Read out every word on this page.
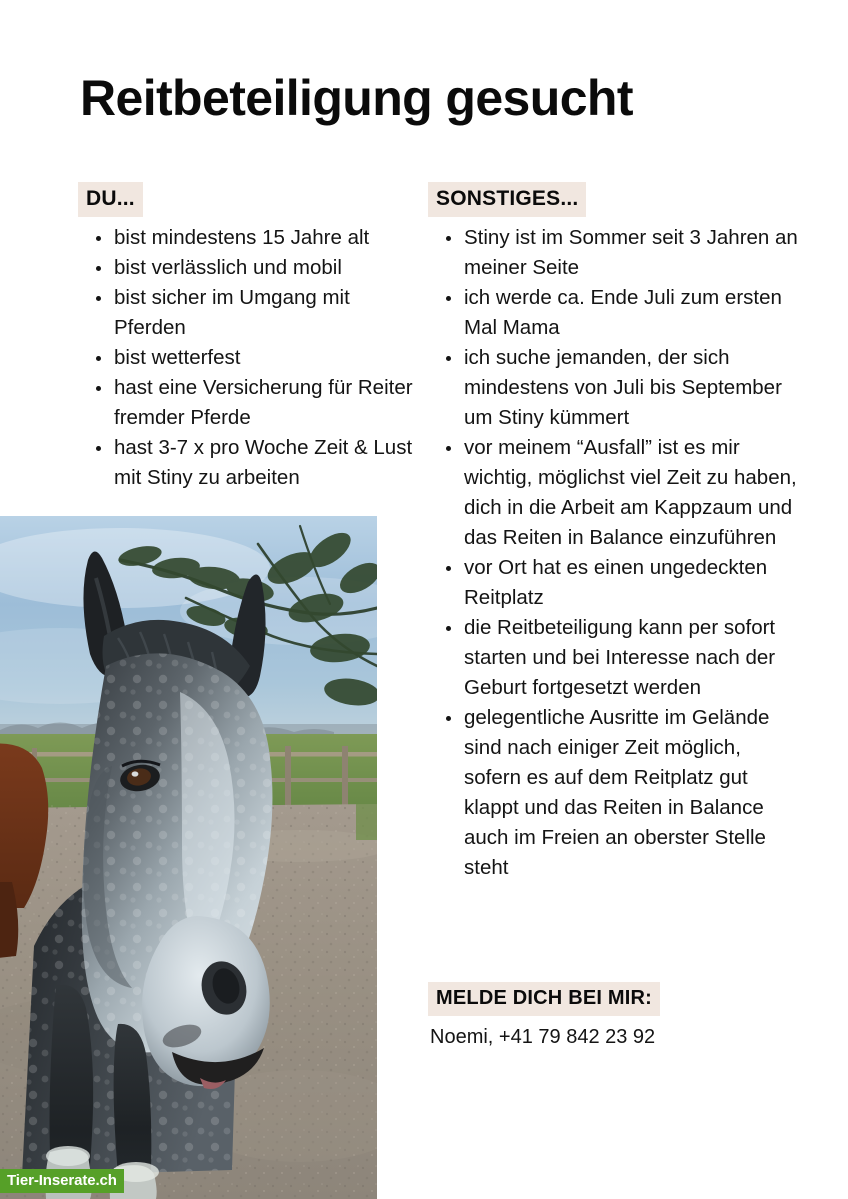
Reitbeteiligung gesucht
DU...
bist mindestens 15 Jahre alt
bist verlässlich und mobil
bist sicher im Umgang mit Pferden
bist wetterfest
hast eine Versicherung für Reiter fremder Pferde
hast 3-7 x pro Woche Zeit & Lust mit Stiny zu arbeiten
SONSTIGES...
Stiny ist im Sommer seit 3 Jahren an meiner Seite
ich werde ca. Ende Juli zum ersten Mal Mama
ich suche jemanden, der sich mindestens von Juli bis September um Stiny kümmert
vor meinem “Ausfall” ist es mir wichtig, möglichst viel Zeit zu haben, dich in die Arbeit am Kappzaum und das Reiten in Balance einzuführen
vor Ort hat es einen ungedeckten Reitplatz
die Reitbeteiligung kann per sofort starten und bei Interesse nach der Geburt fortgesetzt werden
gelegentliche Ausritte im Gelände sind nach einiger Zeit möglich, sofern es auf dem Reitplatz gut klappt und das Reiten in Balance auch im Freien an oberster Stelle steht
MELDE DICH BEI MIR:
Noemi, +41 79 842 23 92
Tier-Inserate.ch
